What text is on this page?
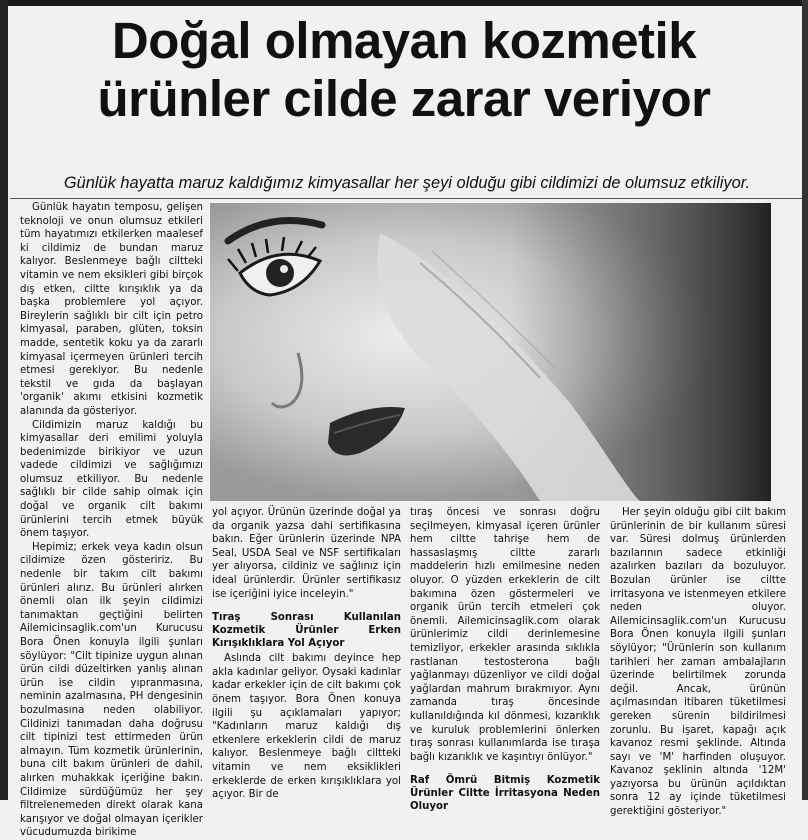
Doğal olmayan kozmetik
ürünler cilde zarar veriyor
Günlük hayatta maruz kaldığımız kimyasallar her şeyi olduğu gibi cildimizi de olumsuz etkiliyor.

Günlük hayatın temposu, gelişen teknoloji ve onun olumsuz etkileri tüm hayatımızı etkilerken maalesef ki cildimiz de bundan maruz kalıyor. Beslenmeye bağlı ciltteki vitamin ve nem eksikleri gibi birçok dış etken, ciltte kırışıklık ya da başka problemlere yol açıyor. Bireylerin sağlıklı bir cilt için petro kimyasal, paraben, glüten, toksin madde, sentetik koku ya da zararlı kimyasal içermeyen ürünleri tercih etmesi gerekiyor. Bu nedenle tekstil ve gıda da başlayan 'organik' akımı etkisini kozmetik alanında da gösteriyor.

Cildimizin maruz kaldığı bu kimyasallar deri emilimi yoluyla bedenimizde birikiyor ve uzun vadede cildimizi ve sağlığımızı olumsuz etkiliyor. Bu nedenle sağlıklı bir cilde sahip olmak için doğal ve organik cilt bakımı ürünlerini tercih etmek büyük önem taşıyor.

Hepimiz; erkek veya kadın olsun cildimize özen gösteririz. Bu nedenle bir takım cilt bakımı ürünleri alırız. Bu ürünleri alırken önemli olan ilk şeyin cildimizi tanımaktan geçtiğini belirten Ailemicinsaglik.com'un Kurucusu Bora Önen konuyla ilgili şunları söylüyor: "Cilt tipinize uygun alınan ürün cildi düzeltirken yanlış alınan ürün ise cildin yıpranmasına, neminin azalmasına, PH dengesinin bozulmasına neden olabiliyor. Cildinizi tanımadan daha doğrusu cilt tipinizi test ettirmeden ürün almayın. Tüm kozmetik ürünlerinin, buna cilt bakım ürünleri de dahil, alırken muhakkak içeriğine bakın. Cildimize sürdüğümüz her şey filtrelenemeden direkt olarak kana karışıyor ve doğal olmayan içerikler vücudumuzda birikime

yol açıyor. Ürünün üzerinde doğal ya da organik yazsa dahi sertifikasına bakın. Eğer ürünlerin üzerinde NPA Seal, USDA Seal ve NSF sertifikaları yer alıyorsa, cildiniz ve sağlınız için ideal ürünlerdir. Ürünler sertifikasız ise içeriğini iyice inceleyin."

Tıraş Sonrası Kullanılan Kozmetik Ürünler Erken Kırışıklıklara Yol Açıyor

Aslında cilt bakımı deyince hep akla kadınlar geliyor. Oysaki kadınlar kadar erkekler için de cilt bakımı çok önem taşıyor. Bora Önen konuya ilgili şu açıklamaları yapıyor; "Kadınların maruz kaldığı dış etkenlere erkeklerin cildi de maruz kalıyor. Beslenmeye bağlı ciltteki vitamin ve nem eksiklikleri erkeklerde de erken kırışıklıklara yol açıyor. Bir de

tıraş öncesi ve sonrası doğru seçilmeyen, kimyasal içeren ürünler hem ciltte tahrişe hem de hassaslaşmış ciltte zararlı maddelerin hızlı emilmesine neden oluyor. O yüzden erkeklerin de cilt bakımına özen göstermeleri ve organik ürün tercih etmeleri çok önemli. Ailemicinsaglik.com olarak ürünlerimiz cildi derinlemesine temizliyor, erkekler arasında sıklıkla rastlanan testosterona bağlı yağlanmayı düzenliyor ve cildi doğal yağlardan mahrum bırakmıyor. Aynı zamanda tıraş öncesinde kullanıldığında kıl dönmesi, kızarıklık ve kuruluk problemlerini önlerken tıraş sonrası kullanımlarda ise tıraşa bağlı kızarıklık ve kaşıntıyı önlüyor."

Raf Ömrü Bitmiş Kozmetik Ürünler Ciltte İrritasyona Neden Oluyor

Her şeyin olduğu gibi cilt bakım ürünlerinin de bir kullanım süresi var. Süresi dolmuş ürünlerden bazılarının sadece etkinliği azalırken bazıları da bozuluyor. Bozulan ürünler ise ciltte irritasyona ve istenmeyen etkilere neden oluyor. Ailemicinsaglik.com'un Kurucusu Bora Önen konuyla ilgili şunları söylüyor; "Ürünlerin son kullanım tarihleri her zaman ambalajların üzerinde belirtilmek zorunda değil. Ancak, ürünün açılmasından itibaren tüketilmesi gereken sürenin bildirilmesi zorunlu. Bu işaret, kapağı açık kavanoz resmi şeklinde. Altında sayı ve 'M' harfinden oluşuyor. Kavanoz şeklinin altında '12M' yazıyorsa bu ürünün açıldıktan sonra 12 ay içinde tüketilmesi gerektiğini gösteriyor."
